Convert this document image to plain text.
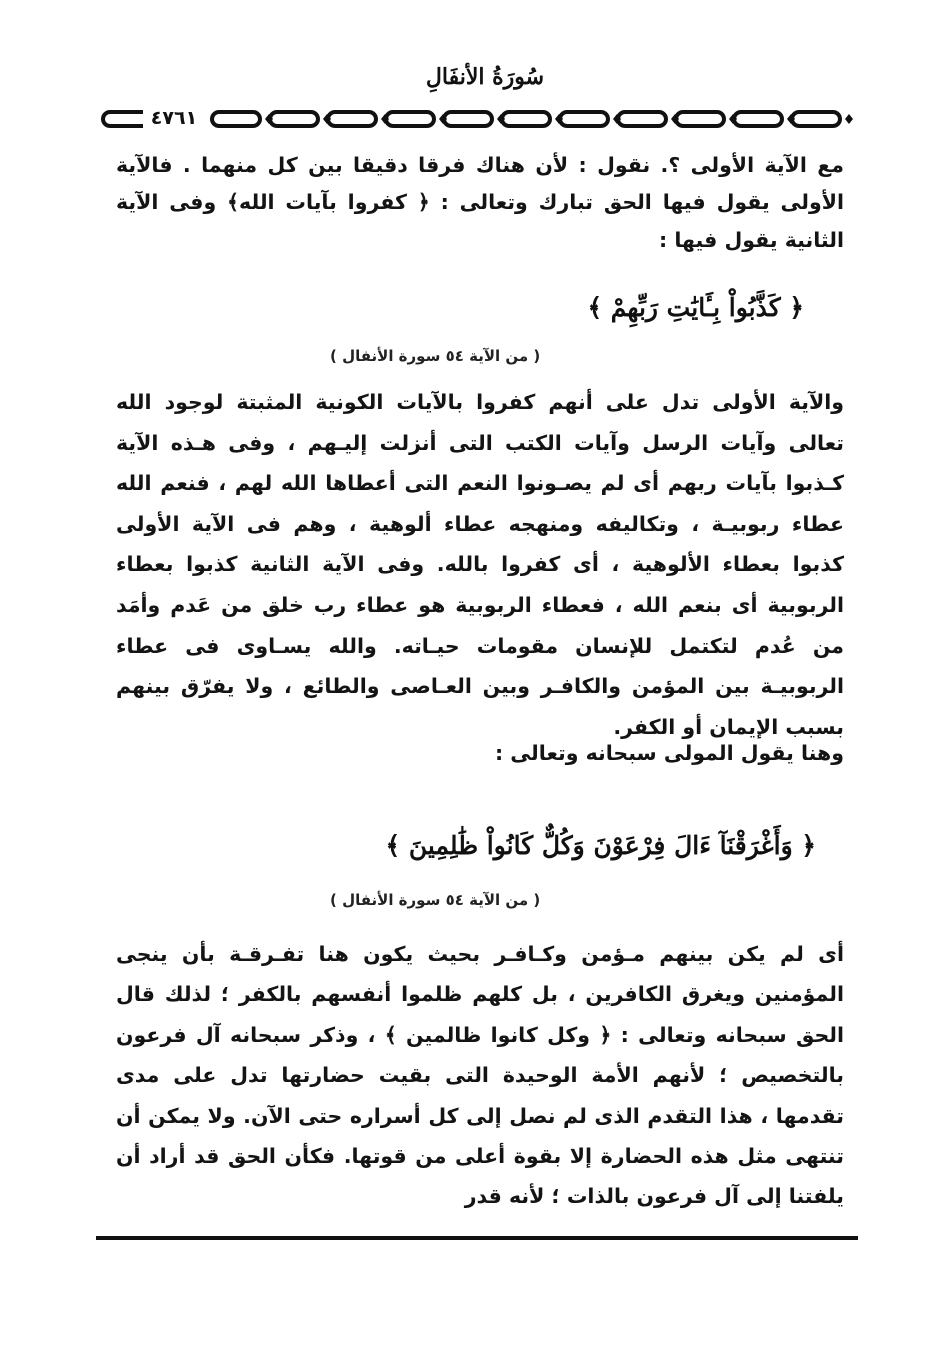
سُورَةُ الأنفَالِ
٤٧٦١
مع الآية الأولى ؟. نقول : لأن هناك فرقا دقيقا بين كل منهما . فالآية الأولى يقول فيها الحق تبارك وتعالى : ﴿ كفروا بآيات الله﴾ وفى الآية الثانية يقول فيها :
﴿ كَذَّبُواْ بِـَٔايَٰتِ رَبِّهِمْ ﴾
( من الآية ٥٤ سورة الأنفال )
والآية الأولى تدل على أنهم كفروا بالآيات الكونية المثبتة لوجود الله تعالى وآيات الرسل وآيات الكتب التى أنزلت إليـهم ، وفى هـذه الآية كـذبوا بآيات ربهم أى لم يصـونوا النعم التى أعطاها الله لهم ، فنعم الله عطاء ربوبيـة ، وتكاليفه ومنهجه عطاء ألوهية ، وهم فى الآية الأولى كذبوا بعطاء الألوهية ، أى كفروا بالله. وفى الآية الثانية كذبوا بعطاء الربوبية أى بنعم الله ، فعطاء الربوبية هو عطاء رب خلق من عَدم وأمَد من عُدم لتكتمل للإنسان مقومات حيـاته. والله يسـاوى فى عطاء الربوبيـة بين المؤمن والكافـر وبين العـاصى والطائع ، ولا يفرّق بينهم بسبب الإيمان أو الكفر.
وهنا يقول المولى سبحانه وتعالى :
﴿ وَأَغْرَقْنَآ ءَالَ فِرْعَوْنَ وَكُلٌّ كَانُواْ ظَٰلِمِينَ ﴾
( من الآية ٥٤ سورة الأنفال )
أى لم يكن بينهم مـؤمن وكـافـر بحيث يكون هنا تفـرقـة بأن ينجى المؤمنين ويغرق الكافرين ، بل كلهم ظلموا أنفسهم بالكفر ؛ لذلك قال الحق سبحانه وتعالى : ﴿ وكل كانوا ظالمين ﴾ ، وذكر سبحانه آل فرعون بالتخصيص ؛ لأنهم الأمة الوحيدة التى بقيت حضارتها تدل على مدى تقدمها ، هذا التقدم الذى لم نصل إلى كل أسراره حتى الآن. ولا يمكن أن تنتهى مثل هذه الحضارة إلا بقوة أعلى من قوتها. فكأن الحق قد أراد أن يلفتنا إلى آل فرعون بالذات ؛ لأنه قدر
